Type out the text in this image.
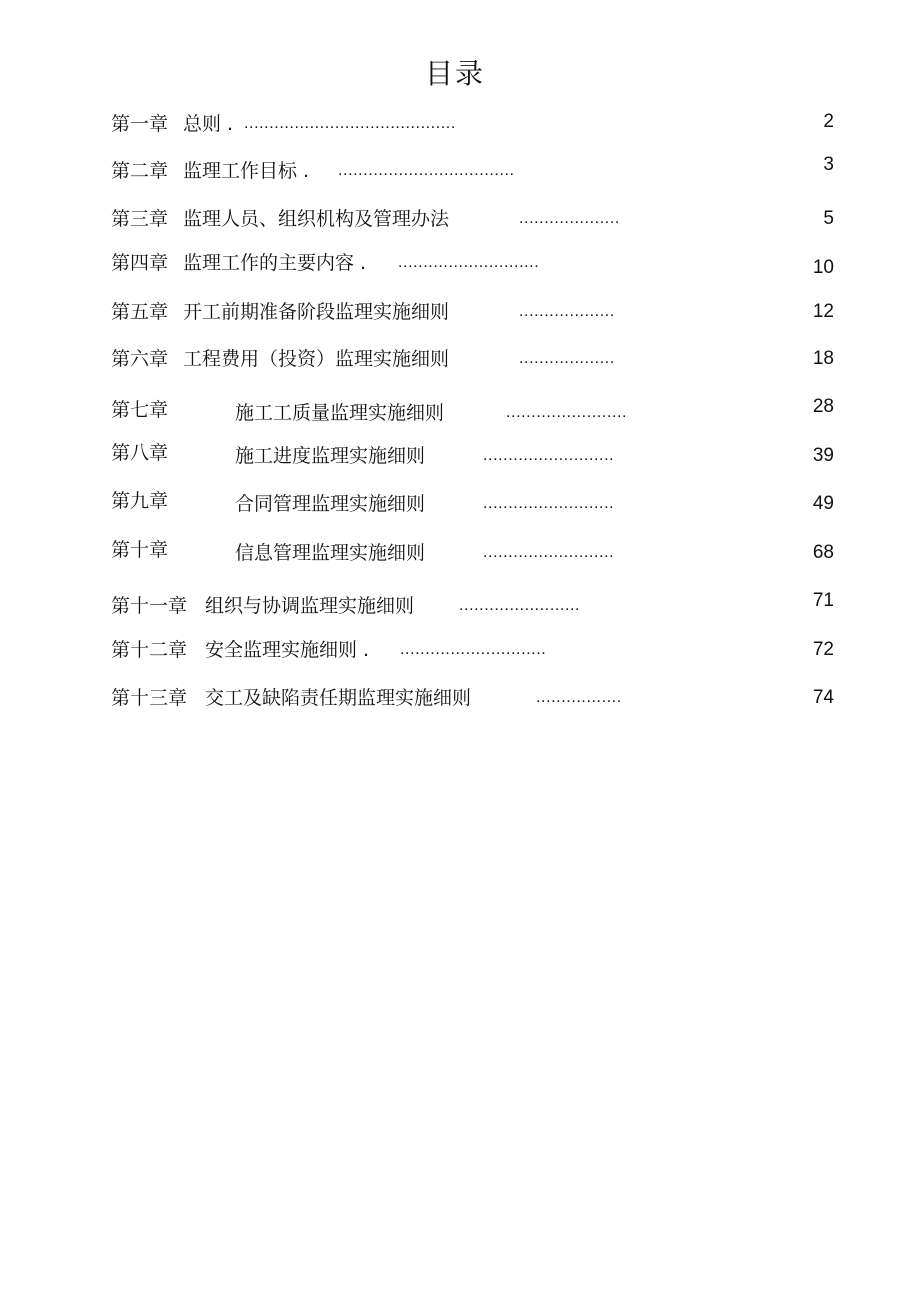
目录
第一章 总则 . ..........................................	2
第二章 监理工作目标 . ...................................	3
第三章 监理人员、组织机构及管理办法	....................	5
第四章 监理工作的主要内容 . ............................	10
第五章 开工前期准备阶段监理实施细则	...................	12
第六章 工程费用（投资）监理实施细则	...................	18
第七章	施工工质量监理实施细则	........................	28
第八章	施工进度监理实施细则	..........................	39
第九章	合同管理监理实施细则	..........................	49
第十章	信息管理监理实施细则	..........................	68
第十一章 组织与协调监理实施细则	........................	71
第十二章 安全监理实施细则 . .............................	72
第十三章 交工及缺陷责任期监理实施细则	.................	74
